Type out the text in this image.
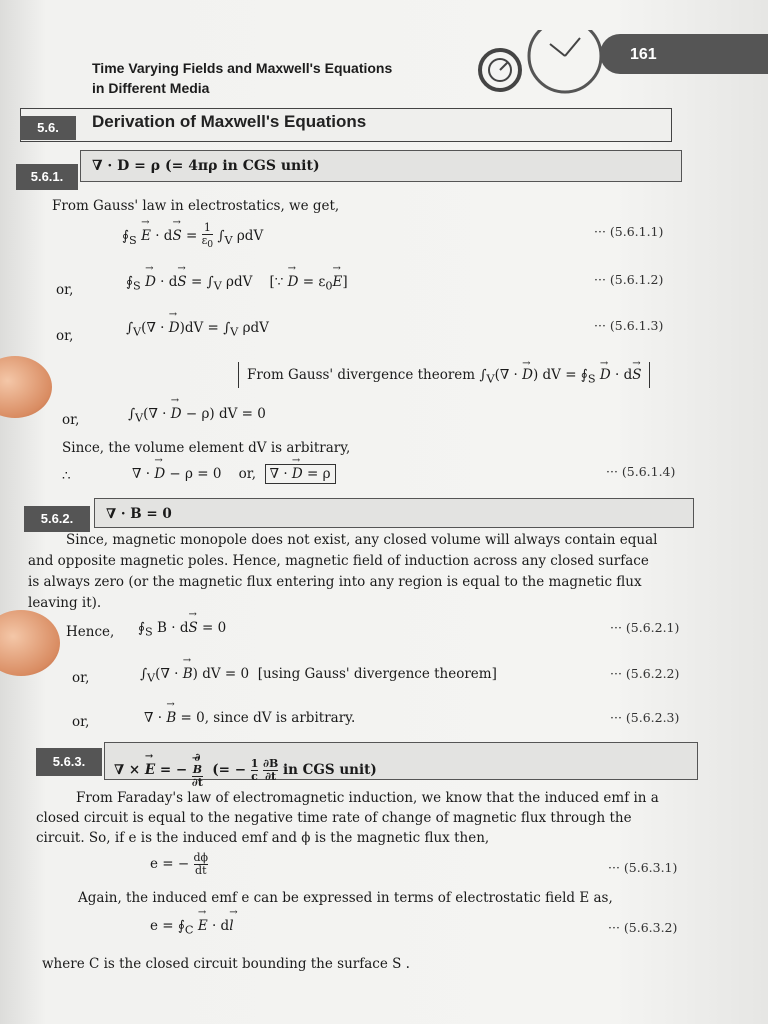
Time Varying Fields and Maxwell's Equations
in Different Media
161
5.6.	Derivation of Maxwell's Equations
5.6.1.
∇ · D = ρ (= 4πρ in CGS unit)
From Gauss' law in electrostatics, we get,
$∮_S \to E \cdot d\to S = \frac{1}{\varepsilon_0} \int_V$ ρdV	··· (5.6.1.1)
or,	$∮_S \to D \cdot d\to S = \int_V$ ρdV    [∵ → $D = \varepsilon_0\to E$]	··· (5.6.1.2)
or,	$\int_V(\nabla$ · → $D)dV = \int_V$ ρdV	··· (5.6.1.3)
From Gauss' divergence theorem $\int_V(\nabla$ · → D) dV = $∮_S \to D \cdot d\to S$
or,	$\int_V(\nabla$ · → D − ρ) dV = 0
Since, the volume element dV is arbitrary,
∴	∇ · → D − ρ = 0    or, ∇ · → D = ρ	··· (5.6.1.4)
5.6.2.	∇ · B = 0
Since, magnetic monopole does not exist, any closed volume will always contain equal
and opposite magnetic poles. Hence, magnetic field of induction across any closed surface
is always zero (or the magnetic flux entering into any region is equal to the magnetic flux
leaving it).
Hence, $∮_S$ B · d→ S = 0	··· (5.6.2.1)
or,	$\int_V(\nabla$ · → B) dV = 0  [using Gauss' divergence theorem]	··· (5.6.2.2)
or,	∇ · → B = 0, since dV is arbitrary.	··· (5.6.2.3)
5.6.3.
∇ × → E = − ∂
→ B
∂t (= − $\frac{1}{c}$
$\frac{\partial B}{\partial t}$ in CGS unit)
From Faraday's law of electromagnetic induction, we know that the induced emf in a
closed circuit is equal to the negative time rate of change of magnetic flux through the
circuit. So, if e is the induced emf and ϕ is the magnetic flux then,
e = − $\frac{d\phi}{dt}$	··· (5.6.3.1)
Again, the induced emf e can be expressed in terms of electrostatic field E as,
$e = ∮_C \to E \cdot d\to l$	··· (5.6.3.2)
where C is the closed circuit bounding the surface S .
